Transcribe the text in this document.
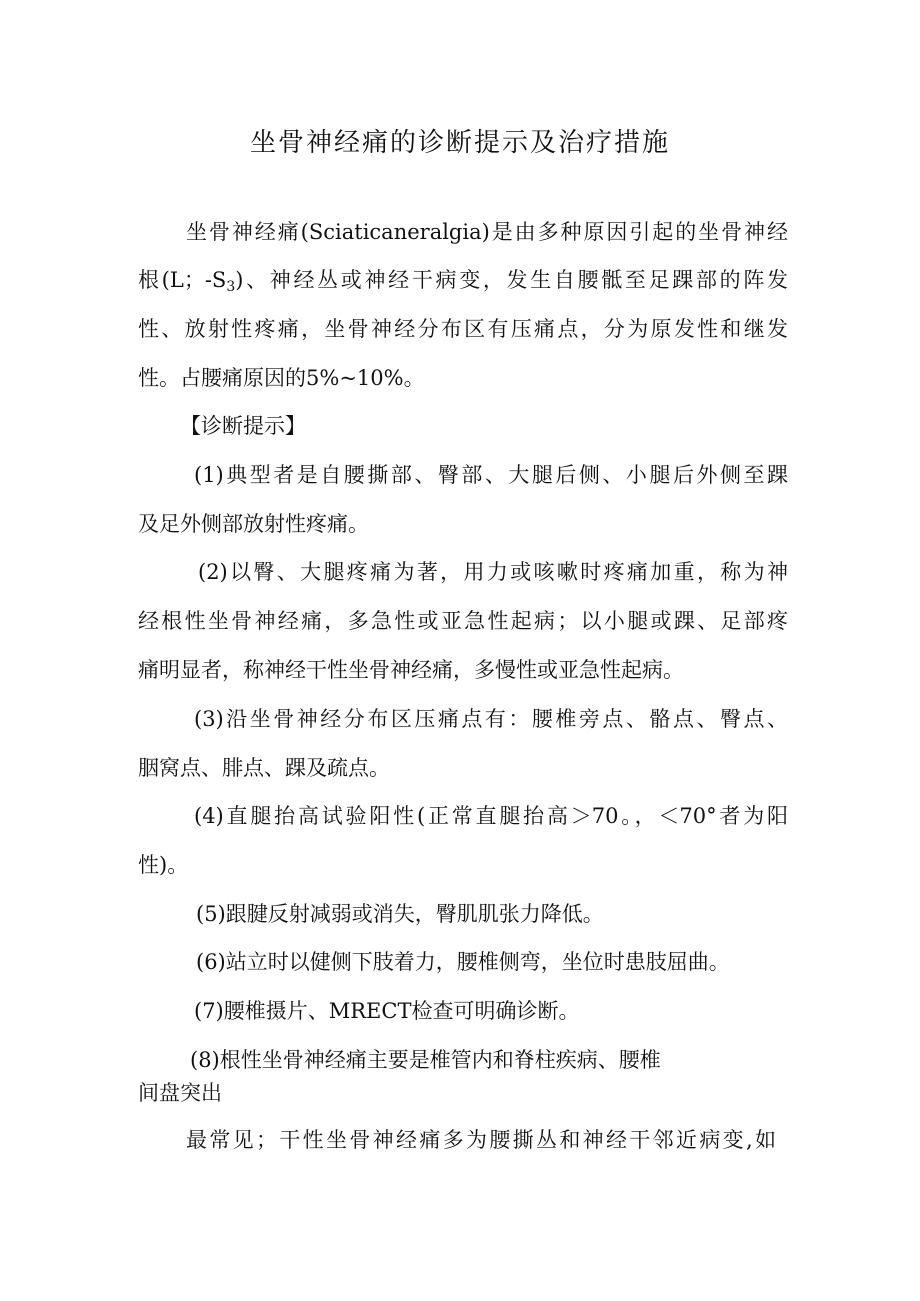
坐骨神经痛的诊断提示及治疗措施
坐骨神经痛(Sciaticaneralgia)是由多种原因引起的坐骨神经
根(L；$-S_3$)、神经丛或神经干病变，发生自腰骶至足踝部的阵发
性、放射性疼痛，坐骨神经分布区有压痛点，分为原发性和继发
性。占腰痛原因的5%~10%。
【诊断提示】
(1)典型者是自腰撕部、臀部、大腿后侧、小腿后外侧至踝
及足外侧部放射性疼痛。
(2)以臀、大腿疼痛为著，用力或咳嗽时疼痛加重，称为神
经根性坐骨神经痛，多急性或亚急性起病；以小腿或踝、足部疼
痛明显者，称神经干性坐骨神经痛，多慢性或亚急性起病。
(3)沿坐骨神经分布区压痛点有：腰椎旁点、骼点、臀点、
胭窝点、腓点、踝及疏点。
(4)直腿抬高试验阳性(正常直腿抬高＞70。，＜70°者为阳
性)。
(5)跟腱反射减弱或消失，臀肌肌张力降低。
(6)站立时以健侧下肢着力，腰椎侧弯，坐位时患肢屈曲。
(7)腰椎摄片、MRECT检查可明确诊断。
(8)根性坐骨神经痛主要是椎管内和脊柱疾病、腰椎
间盘突出
最常见；干性坐骨神经痛多为腰撕丛和神经干邻近病变,如
